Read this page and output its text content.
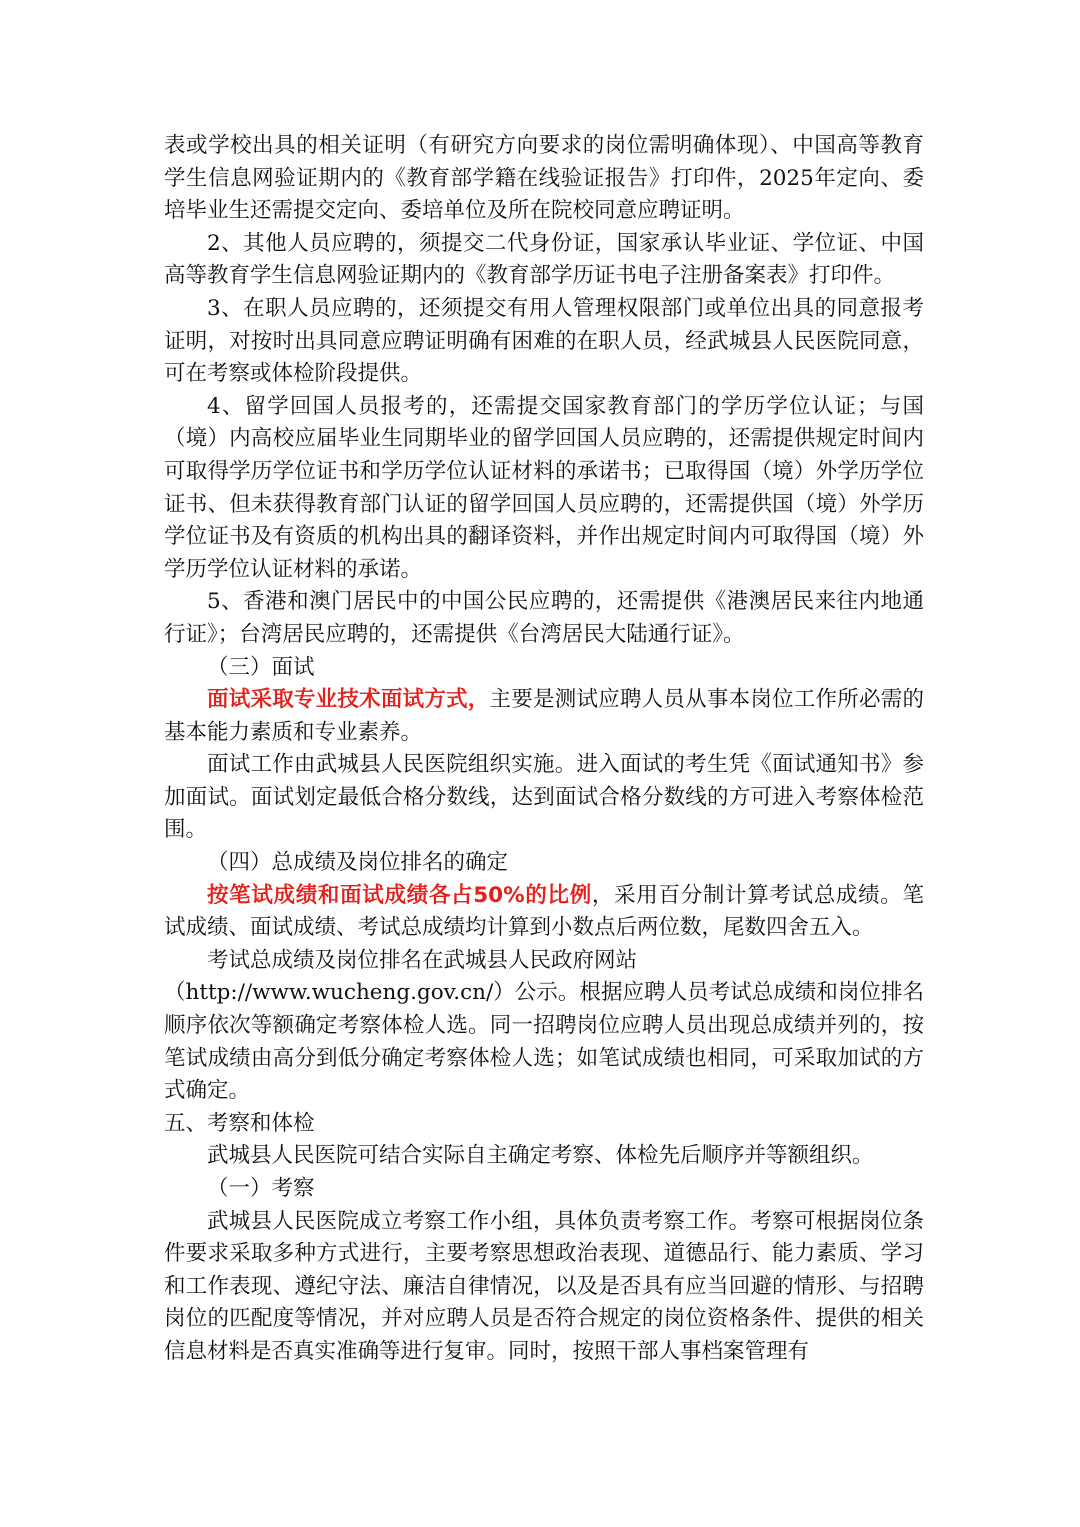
表或学校出具的相关证明（有研究方向要求的岗位需明确体现）、中国高等教育学生信息网验证期内的《教育部学籍在线验证报告》打印件，2025年定向、委培毕业生还需提交定向、委培单位及所在院校同意应聘证明。

2、其他人员应聘的，须提交二代身份证，国家承认毕业证、学位证、中国高等教育学生信息网验证期内的《教育部学历证书电子注册备案表》打印件。

3、在职人员应聘的，还须提交有用人管理权限部门或单位出具的同意报考证明，对按时出具同意应聘证明确有困难的在职人员，经武城县人民医院同意，可在考察或体检阶段提供。

4、留学回国人员报考的，还需提交国家教育部门的学历学位认证；与国（境）内高校应届毕业生同期毕业的留学回国人员应聘的，还需提供规定时间内可取得学历学位证书和学历学位认证材料的承诺书；已取得国（境）外学历学位证书、但未获得教育部门认证的留学回国人员应聘的，还需提供国（境）外学历学位证书及有资质的机构出具的翻译资料，并作出规定时间内可取得国（境）外学历学位认证材料的承诺。

5、香港和澳门居民中的中国公民应聘的，还需提供《港澳居民来往内地通行证》；台湾居民应聘的，还需提供《台湾居民大陆通行证》。

（三）面试

面试采取专业技术面试方式，主要是测试应聘人员从事本岗位工作所必需的基本能力素质和专业素养。

面试工作由武城县人民医院组织实施。进入面试的考生凭《面试通知书》参加面试。面试划定最低合格分数线，达到面试合格分数线的方可进入考察体检范围。

（四）总成绩及岗位排名的确定

按笔试成绩和面试成绩各占50%的比例，采用百分制计算考试总成绩。笔试成绩、面试成绩、考试总成绩均计算到小数点后两位数，尾数四舍五入。

考试总成绩及岗位排名在武城县人民政府网站

（http://www.wucheng.gov.cn/）公示。根据应聘人员考试总成绩和岗位排名顺序依次等额确定考察体检人选。同一招聘岗位应聘人员出现总成绩并列的，按笔试成绩由高分到低分确定考察体检人选；如笔试成绩也相同，可采取加试的方式确定。

五、考察和体检

武城县人民医院可结合实际自主确定考察、体检先后顺序并等额组织。

（一）考察

武城县人民医院成立考察工作小组，具体负责考察工作。考察可根据岗位条件要求采取多种方式进行，主要考察思想政治表现、道德品行、能力素质、学习和工作表现、遵纪守法、廉洁自律情况，以及是否具有应当回避的情形、与招聘岗位的匹配度等情况，并对应聘人员是否符合规定的岗位资格条件、提供的相关信息材料是否真实准确等进行复审。同时，按照干部人事档案管理有
